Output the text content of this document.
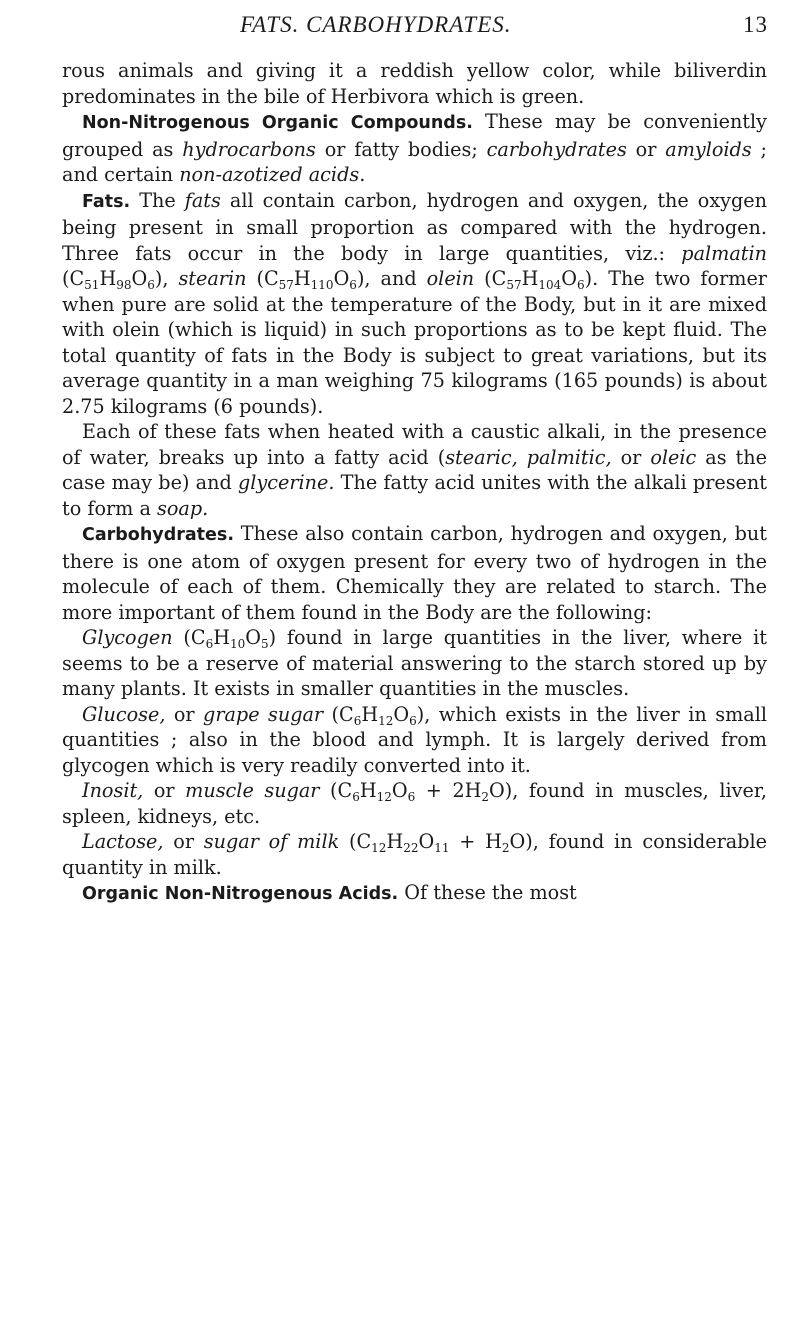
FATS. CARBOHYDRATES.	13

rous animals and giving it a reddish yellow color, while biliverdin predominates in the bile of Herbivora which is green.

Non-Nitrogenous Organic Compounds. These may be conveniently grouped as hydrocarbons or fatty bodies; carbohydrates or amyloids ; and certain non-azotized acids.

Fats. The fats all contain carbon, hydrogen and oxygen, the oxygen being present in small proportion as compared with the hydrogen. Three fats occur in the body in large quantities, viz.: palmatin $(C_{51}H_{98}O_6)$, stearin $(C_{57}H_{110}O_6)$, and olein $(C_{57}H_{104}O_6)$. The two former when pure are solid at the temperature of the Body, but in it are mixed with olein (which is liquid) in such proportions as to be kept fluid. The total quantity of fats in the Body is subject to great variations, but its average quantity in a man weighing 75 kilograms (165 pounds) is about 2.75 kilograms (6 pounds).

Each of these fats when heated with a caustic alkali, in the presence of water, breaks up into a fatty acid (stearic, palmitic, or oleic as the case may be) and glycerine. The fatty acid unites with the alkali present to form a soap.

Carbohydrates. These also contain carbon, hydrogen and oxygen, but there is one atom of oxygen present for every two of hydrogen in the molecule of each of them. Chemically they are related to starch. The more important of them found in the Body are the following:

Glycogen $(C_6H_{10}O_5)$ found in large quantities in the liver, where it seems to be a reserve of material answering to the starch stored up by many plants. It exists in smaller quantities in the muscles.

Glucose, or grape sugar $(C_6H_{12}O_6)$, which exists in the liver in small quantities ; also in the blood and lymph. It is largely derived from glycogen which is very readily converted into it.

Inosit, or muscle sugar $(C_6H_{12}O_6 + 2H_2O)$, found in muscles, liver, spleen, kidneys, etc.

Lactose, or sugar of milk $(C_{12}H_{22}O_{11} + H_2O)$, found in considerable quantity in milk.

Organic Non-Nitrogenous Acids. Of these the most
